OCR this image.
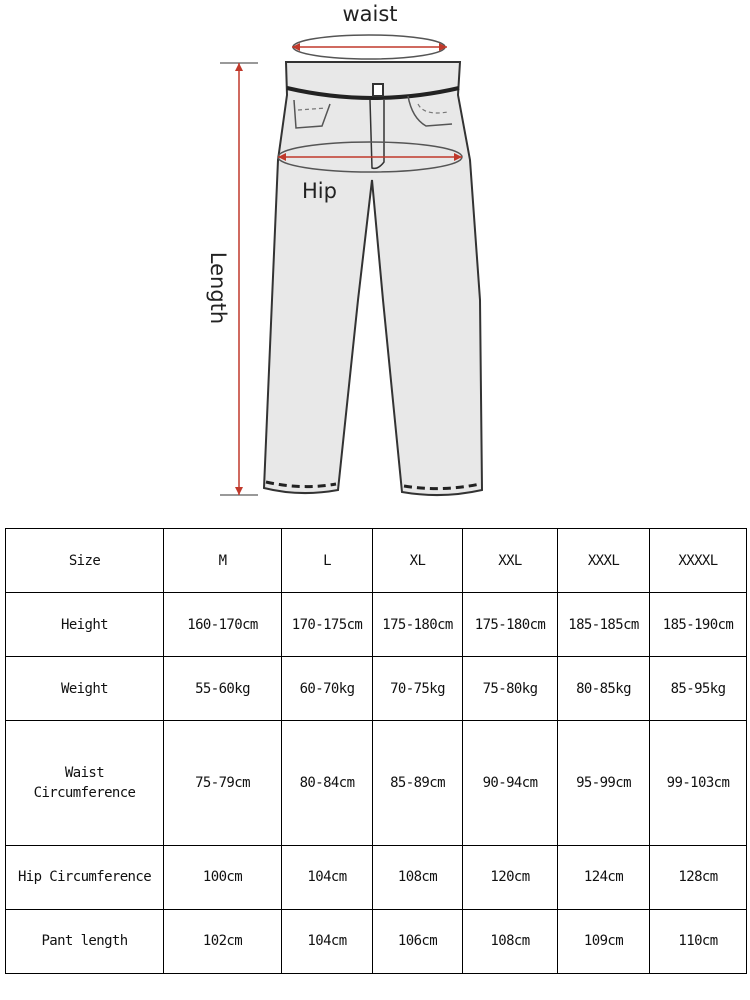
waist
Hip
Length
Size	M	L	XL	XXL	XXXL	XXXXL
Height	160-170cm	170-175cm	175-180cm	175-180cm	185-185cm	185-190cm
Weight	55-60kg	60-70kg	70-75kg	75-80kg	80-85kg	85-95kg
Waist
Circumference	75-79cm	80-84cm	85-89cm	90-94cm	95-99cm	99-103cm
Hip Circumference	100cm	104cm	108cm	120cm	124cm	128cm
Pant length	102cm	104cm	106cm	108cm	109cm	110cm
